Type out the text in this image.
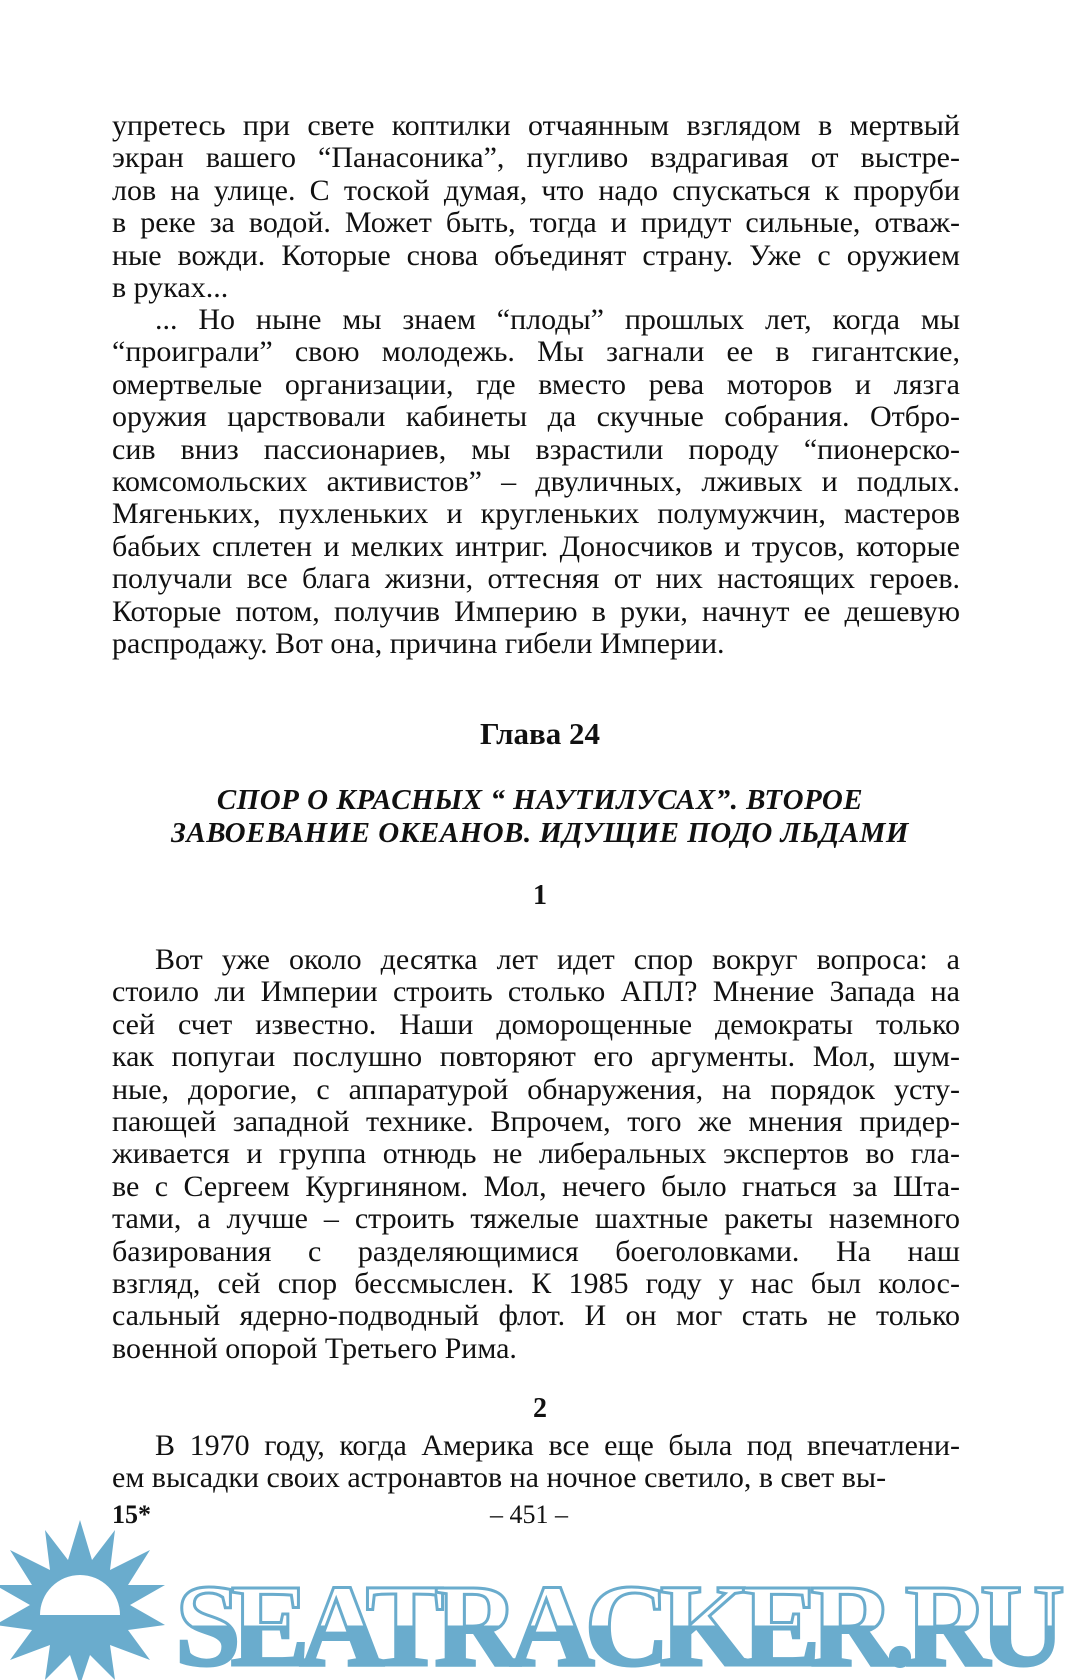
упретесь при свете коптилки отчаянным взглядом в мертвый
экран вашего “Панасоника”, пугливо вздрагивая от выстре-
лов на улице. С тоской думая, что надо спускаться к проруби
в реке за водой. Может быть, тогда и придут сильные, отваж-
ные вожди. Которые снова объединят страну. Уже с оружием
в руках...
... Но ныне мы знаем “плоды” прошлых лет, когда мы
“проиграли” свою молодежь. Мы загнали ее в гигантские,
омертвелые организации, где вместо рева моторов и лязга
оружия царствовали кабинеты да скучные собрания. Отбро-
сив вниз пассионариев, мы взрастили породу “пионерско-
комсомольских активистов” – двуличных, лживых и подлых.
Мягеньких, пухленьких и кругленьких полумужчин, мастеров
бабьих сплетен и мелких интриг. Доносчиков и трусов, которые
получали все блага жизни, оттесняя от них настоящих героев.
Которые потом, получив Империю в руки, начнут ее дешевую
распродажу. Вот она, причина гибели Империи.
Вот уже около десятка лет идет спор вокруг вопроса: а
стоило ли Империи строить столько АПЛ? Мнение Запада на
сей счет известно. Наши доморощенные демократы только
как попугаи послушно повторяют его аргументы. Мол, шум-
ные, дорогие, с аппаратурой обнаружения, на порядок усту-
пающей западной технике. Впрочем, того же мнения придер-
живается и группа отнюдь не либеральных экспертов во гла-
ве с Сергеем Кургиняном. Мол, нечего было гнаться за Шта-
тами, а лучше – строить тяжелые шахтные ракеты наземного
базирования с разделяющимися боеголовками. На наш
взгляд, сей спор бессмыслен. К 1985 году у нас был колос-
сальный ядерно-подводный флот. И он мог стать не только
военной опорой Третьего Рима.
В 1970 году, когда Америка все еще была под впечатлени-
ем высадки своих астронавтов на ночное светило, в свет вы-
Глава 24
СПОР О КРАСНЫХ “ НАУТИЛУСАХ”. ВТОРОЕ
ЗАВОЕВАНИЕ ОКЕАНОВ. ИДУЩИЕ ПОДО ЛЬДАМИ
1
2
SEATRACKER.RU
15*	– 451 –
